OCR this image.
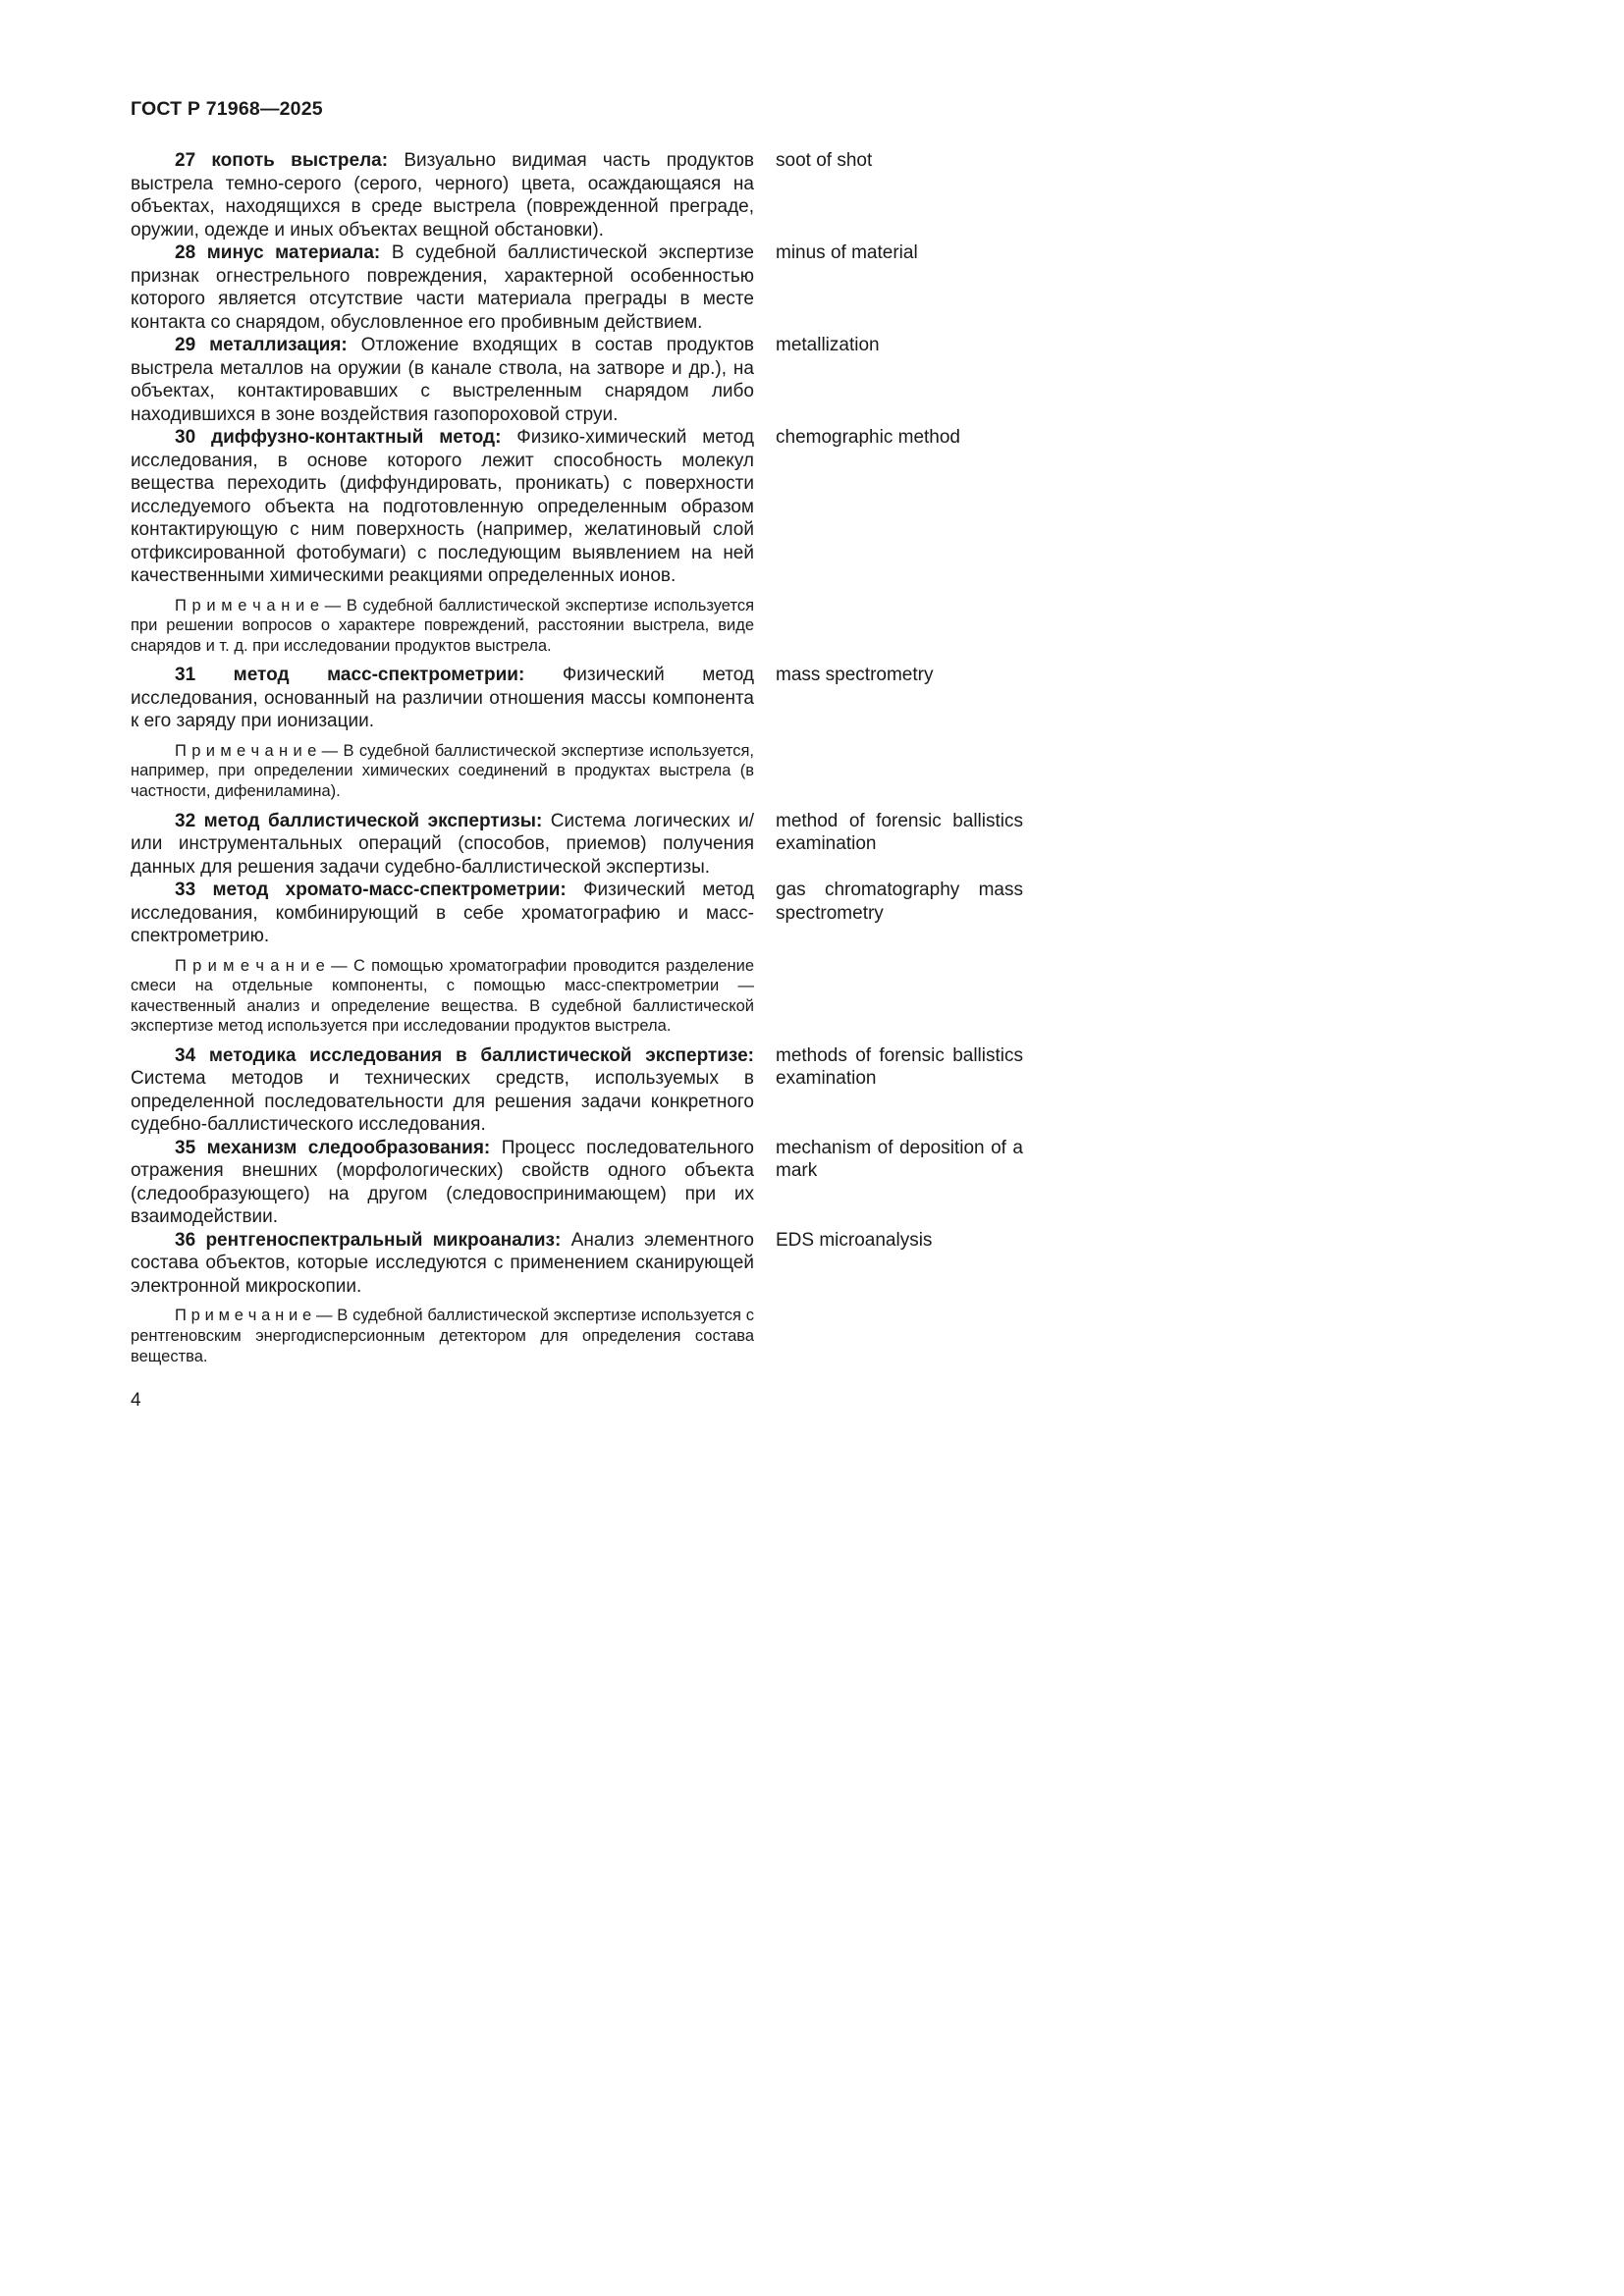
ГОСТ Р 71968—2025

27 копоть выстрела: Визуально видимая часть продуктов выстрела темно-серого (серого, черного) цвета, осаждающаяся на объектах, находящихся в среде выстрела (поврежденной преграде, оружии, одежде и иных объектах вещной обстановки).

soot of shot

28 минус материала: В судебной баллистической экспертизе признак огнестрельного повреждения, характерной особенностью которого является отсутствие части материала преграды в месте контакта со снарядом, обусловленное его пробивным действием.

minus of material

29 металлизация: Отложение входящих в состав продуктов выстрела металлов на оружии (в канале ствола, на затворе и др.), на объектах, контактировавших с выстреленным снарядом либо находившихся в зоне воздействия газопороховой струи.

metallization

30 диффузно-контактный метод: Физико-химический метод исследования, в основе которого лежит способность молекул вещества переходить (диффундировать, проникать) с поверхности исследуемого объекта на подготовленную определенным образом контактирующую с ним поверхность (например, желатиновый слой отфиксированной фотобумаги) с последующим выявлением на ней качественными химическими реакциями определенных ионов.

П р и м е ч а н и е — В судебной баллистической экспертизе используется при решении вопросов о характере повреждений, расстоянии выстрела, виде снарядов и т. д. при исследовании продуктов выстрела.

chemographic method

31 метод масс-спектрометрии: Физический метод исследования, основанный на различии отношения массы компонента к его заряду при ионизации.

П р и м е ч а н и е — В судебной баллистической экспертизе используется, например, при определении химических соединений в продуктах выстрела (в частности, дифениламина).

mass spectrometry

32 метод баллистической экспертизы: Система логических и/или инструментальных операций (способов, приемов) получения данных для решения задачи судебно-баллистической экспертизы.

method of forensic ballistics examination

33 метод хромато-масс-спектрометрии: Физический метод исследования, комбинирующий в себе хроматографию и масс-спектрометрию.

П р и м е ч а н и е — С помощью хроматографии проводится разделение смеси на отдельные компоненты, с помощью масс-спектрометрии — качественный анализ и определение вещества. В судебной баллистической экспертизе метод используется при исследовании продуктов выстрела.

gas chromatography mass spectrometry

34 методика исследования в баллистической экспертизе: Система методов и технических средств, используемых в определенной последовательности для решения задачи конкретного судебно-баллистического исследования.

methods of forensic ballistics examination

35 механизм следообразования: Процесс последовательного отражения внешних (морфологических) свойств одного объекта (следообразующего) на другом (следовоспринимающем) при их взаимодействии.

mechanism of deposition of a mark

36 рентгеноспектральный микроанализ: Анализ элементного состава объектов, которые исследуются с применением сканирующей электронной микроскопии.

П р и м е ч а н и е — В судебной баллистической экспертизе используется с рентгеновским энергодисперсионным детектором для определения состава вещества.

EDS microanalysis

4
